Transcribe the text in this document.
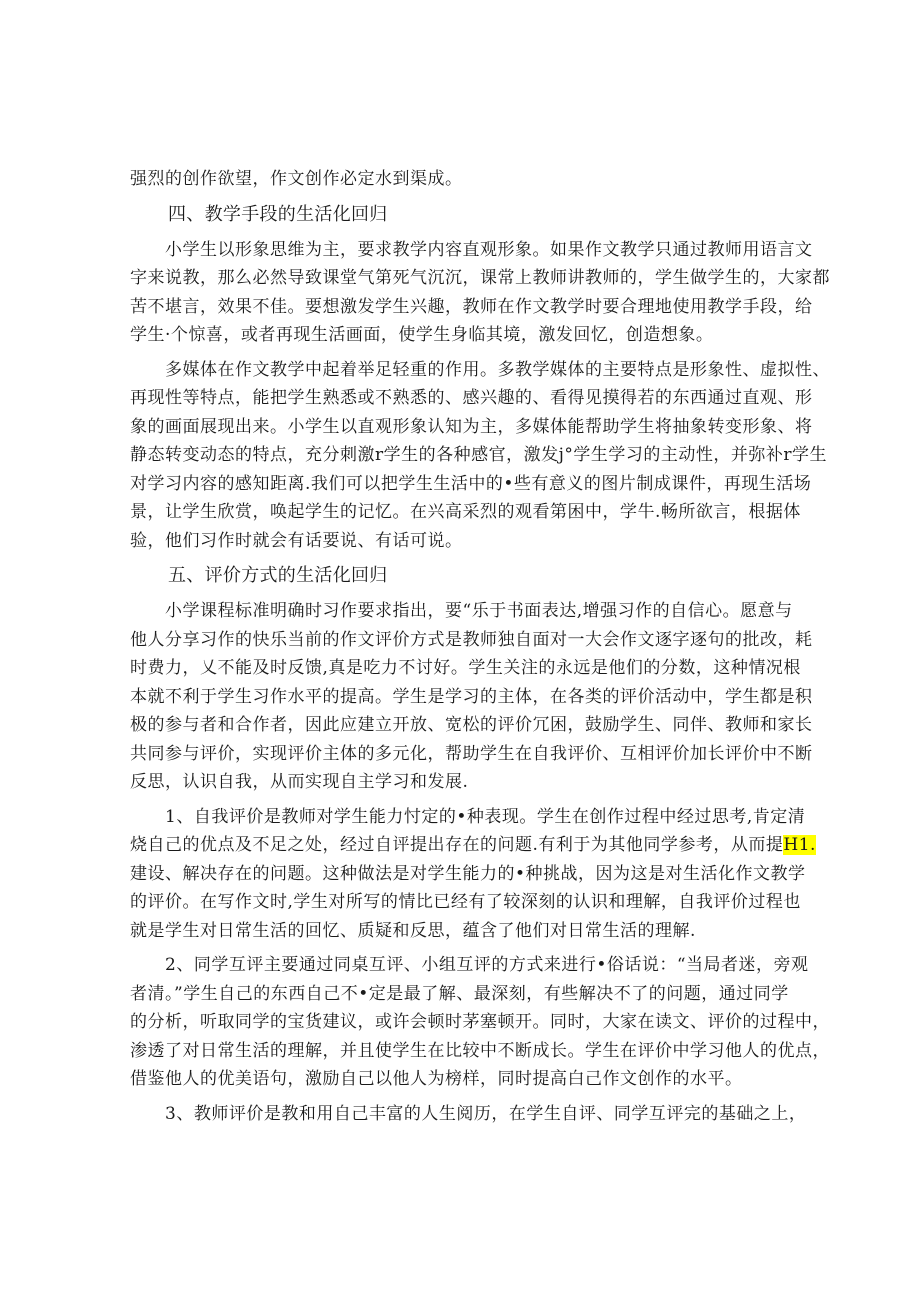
强烈的创作欲望，作文创作必定水到渠成。
四、教学手段的生活化回归
　　小学生以形象思维为主，要求教学内容直观形象。如果作文教学只通过教师用语言文
字来说教，那么必然导致课堂气第死气沉沉，课常上教师讲教师的，学生做学生的，大家都
苦不堪言，效果不佳。要想激发学生兴趣，教师在作文教学时要合理地使用教学手段，给
学生·个惊喜，或者再现生活画面，使学生身临其境，激发回忆，创造想象。
　　多媒体在作文教学中起着举足轻重的作用。多教学媒体的主要特点是形象性、虚拟性、
再现性等特点，能把学生熟悉或不熟悉的、感兴趣的、看得见摸得若的东西通过直观、形
象的画面展现出来。小学生以直观形象认知为主，多媒体能帮助学生将抽象转变形象、将
静态转变动态的特点，充分刺激r学生的各种感官，激发j°学生学习的主动性，并弥补r学生
对学习内容的感知距离.我们可以把学生生活中的•些有意义的图片制成课件，再现生活场
景，让学生欣赏，唤起学生的记忆。在兴高采烈的观看第困中，学牛.畅所欲言，根据体
验，他们习作时就会有话要说、有话可说。
五、评价方式的生活化回归
　　小学课程标准明确时习作要求指出，要“乐于书面表达,增强习作的自信心。愿意与
他人分享习作的快乐当前的作文评价方式是教师独自面对一大会作文逐字逐句的批改，耗
时费力，乂不能及时反馈,真是吃力不讨好。学生关注的永远是他们的分数，这种情况根
本就不利于学生习作水平的提高。学生是学习的主体，在各类的评价活动中，学生都是积
极的参与者和合作者，因此应建立开放、宽松的评价冗困，鼓励学生、同伴、教师和家长
共同参与评价，实现评价主体的多元化，帮助学生在自我评价、互相评价加长评价中不断
反思，认识自我，从而实现自主学习和发展.
　　1、自我评价是教师对学生能力忖定的•种表现。学生在创作过程中经过思考,肯定清
烧自己的优点及不足之处，经过自评提出存在的问题.有利于为其他同学参考，从而提H1.
建设、解决存在的问题。这种做法是对学生能力的•种挑战，因为这是对生活化作文教学
的评价。在写作文时,学生对所写的情比已经有了较深刻的认识和理解，自我评价过程也
就是学生对日常生活的回忆、质疑和反思，蕴含了他们对日常生活的理解.
　　2、同学互评主要通过同桌互评、小组互评的方式来进行•俗话说：“当局者迷，旁观
者清。”学生自己的东西自己不•定是最了解、最深刻，有些解决不了的问题，通过同学
的分析，听取同学的宝货建议，或许会顿时茅塞顿开。同时，大家在读文、评价的过程中，
渗透了对日常生活的理解，并且使学生在比较中不断成长。学生在评价中学习他人的优点，
借鉴他人的优美语句，激励自己以他人为榜样，同时提高白己作文创作的水平。
　　3、教师评价是教和用自己丰富的人生阅历，在学生自评、同学互评完的基础之上，
